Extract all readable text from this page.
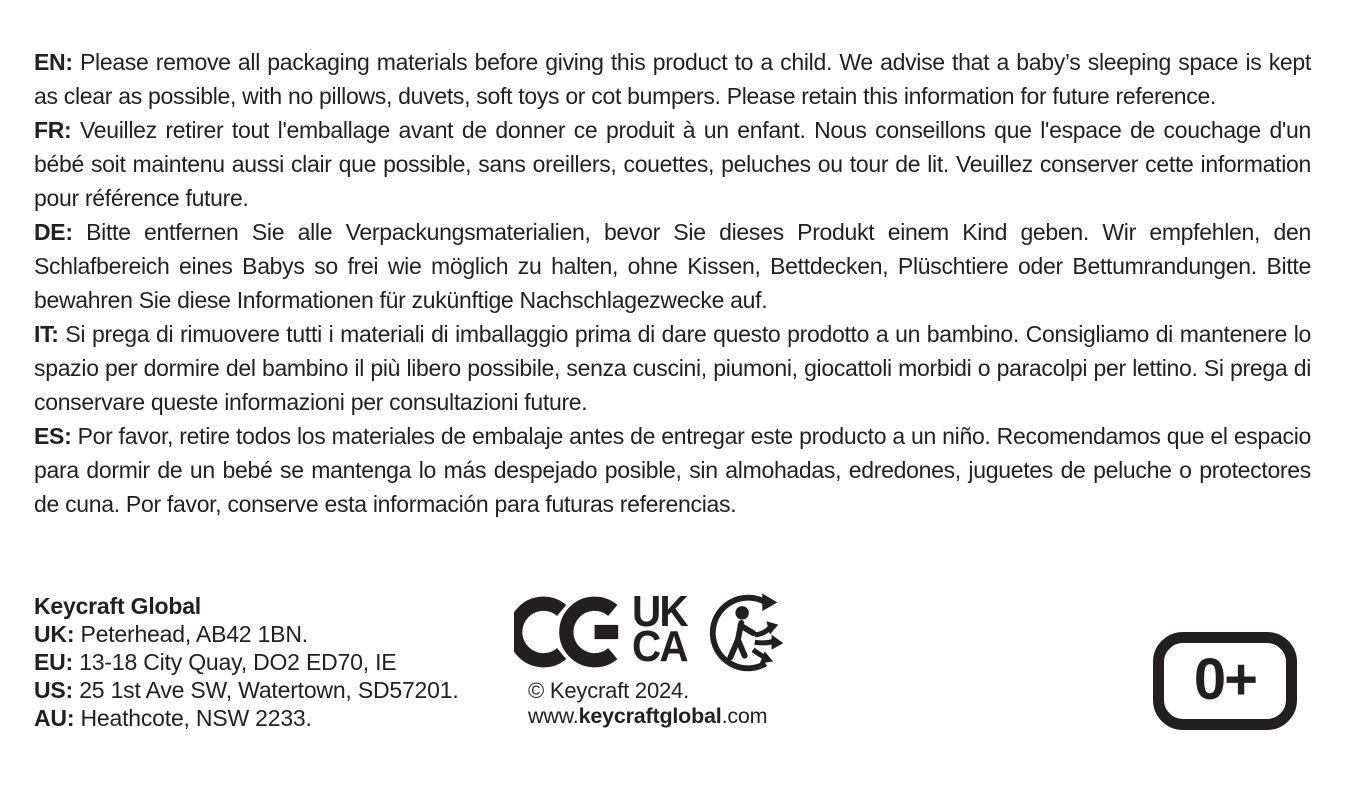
EN: Please remove all packaging materials before giving this product to a child. We advise that a baby’s sleeping space is kept as clear as possible, with no pillows, duvets, soft toys or cot bumpers. Please retain this information for future reference.

FR: Veuillez retirer tout l'emballage avant de donner ce produit à un enfant. Nous conseillons que l'espace de couchage d'un bébé soit maintenu aussi clair que possible, sans oreillers, couettes, peluches ou tour de lit. Veuillez conserver cette information pour référence future.

DE: Bitte entfernen Sie alle Verpackungsmaterialien, bevor Sie dieses Produkt einem Kind geben. Wir empfehlen, den Schlafbereich eines Babys so frei wie möglich zu halten, ohne Kissen, Bettdecken, Plüschtiere oder Bettumrandungen. Bitte bewahren Sie diese Informationen für zukünftige Nachschlagezwecke auf.

IT: Si prega di rimuovere tutti i materiali di imballaggio prima di dare questo prodotto a un bambino. Consigliamo di mantenere lo spazio per dormire del bambino il più libero possibile, senza cuscini, piumoni, giocattoli morbidi o paracolpi per lettino. Si prega di conservare queste informazioni per consultazioni future.

ES: Por favor, retire todos los materiales de embalaje antes de entregar este producto a un niño. Recomendamos que el espacio para dormir de un bebé se mantenga lo más despejado posible, sin almohadas, edredones, juguetes de peluche o protectores de cuna. Por favor, conserve esta información para futuras referencias.

Keycraft Global
UK: Peterhead, AB42 1BN.
EU: 13-18 City Quay, DO2 ED70, IE
US: 25 1st Ave SW, Watertown, SD57201.
AU: Heathcote, NSW 2233.
UK
CA
© Keycraft 2024.
www.keycraftglobal.com
0+
